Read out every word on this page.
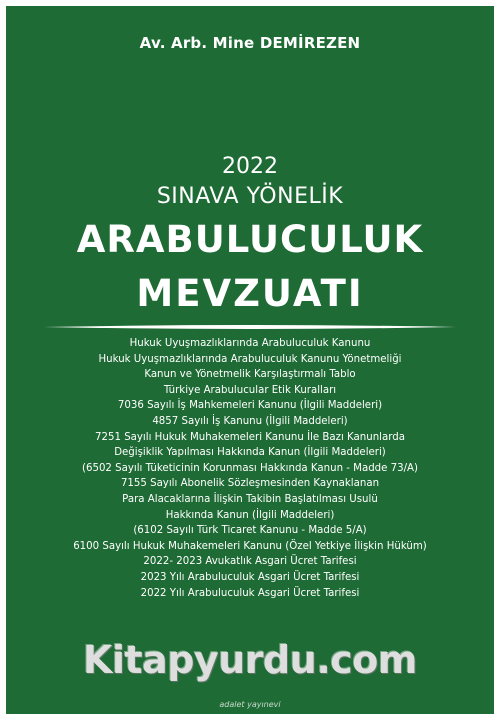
Av. Arb. Mine DEMİREZEN
2022
SINAVA YÖNELİK
ARABULUCULUK
MEVZUATI
Hukuk Uyuşmazlıklarında Arabuluculuk Kanunu
Hukuk Uyuşmazlıklarında Arabuluculuk Kanunu Yönetmeliği
Kanun ve Yönetmelik Karşılaştırmalı Tablo
Türkiye Arabulucular Etik Kuralları
7036 Sayılı İş Mahkemeleri Kanunu (İlgili Maddeleri)
4857 Sayılı İş Kanunu (İlgili Maddeleri)
7251 Sayılı Hukuk Muhakemeleri Kanunu İle Bazı Kanunlarda
Değişiklik Yapılması Hakkında Kanun (İlgili Maddeleri)
(6502 Sayılı Tüketicinin Korunması Hakkında Kanun - Madde 73/A)
7155 Sayılı Abonelik Sözleşmesinden Kaynaklanan
Para Alacaklarına İlişkin Takibin Başlatılması Usulü
Hakkında Kanun (İlgili Maddeleri)
(6102 Sayılı Türk Ticaret Kanunu - Madde 5/A)
6100 Sayılı Hukuk Muhakemeleri Kanunu (Özel Yetkiye İlişkin Hüküm)
2022- 2023 Avukatlık Asgari Ücret Tarifesi
2023 Yılı Arabuluculuk Asgari Ücret Tarifesi
2022 Yılı Arabuluculuk Asgari Ücret Tarifesi
Kitapyurdu.com
adalet yayınevi
